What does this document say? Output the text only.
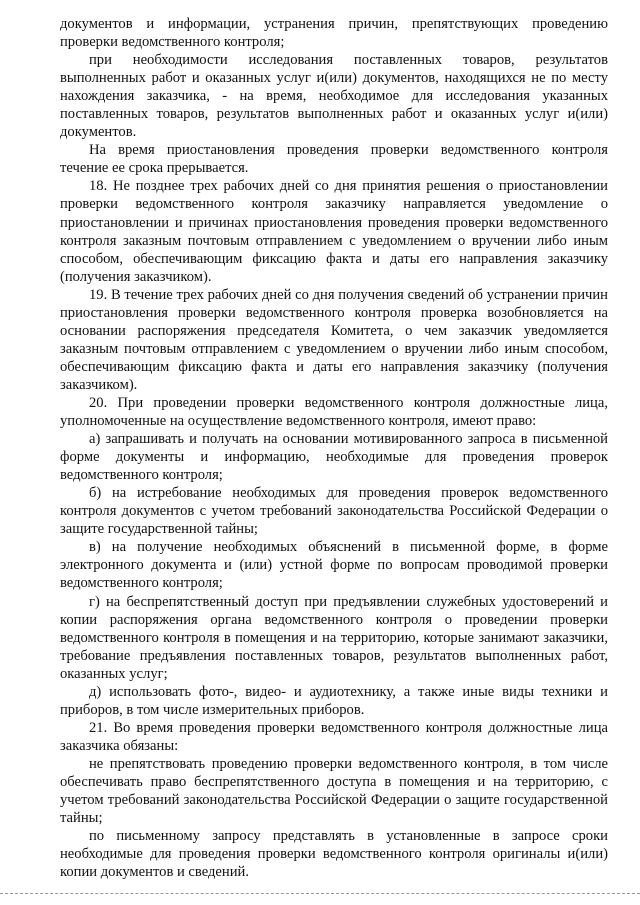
документов и информации, устранения причин, препятствующих проведению проверки ведомственного контроля;

при необходимости исследования поставленных товаров, результатов выполненных работ и оказанных услуг и(или) документов, находящихся не по месту нахождения заказчика, - на время, необходимое для исследования указанных поставленных товаров, результатов выполненных работ и оказанных услуг и(или) документов.

На время приостановления проведения проверки ведомственного контроля течение ее срока прерывается.

18. Не позднее трех рабочих дней со дня принятия решения о приостановлении проверки ведомственного контроля заказчику направляется уведомление о приостановлении и причинах приостановления проведения проверки ведомственного контроля заказным почтовым отправлением с уведомлением о вручении либо иным способом, обеспечивающим фиксацию факта и даты его направления заказчику (получения заказчиком).

19. В течение трех рабочих дней со дня получения сведений об устранении причин приостановления проверки ведомственного контроля проверка возобновляется на основании распоряжения председателя Комитета, о чем заказчик уведомляется заказным почтовым отправлением с уведомлением о вручении либо иным способом, обеспечивающим фиксацию факта и даты его направления заказчику (получения заказчиком).

20. При проведении проверки ведомственного контроля должностные лица, уполномоченные на осуществление ведомственного контроля, имеют право:

а) запрашивать и получать на основании мотивированного запроса в письменной форме документы и информацию, необходимые для проведения проверок ведомственного контроля;

б) на истребование необходимых для проведения проверок ведомственного контроля документов с учетом требований законодательства Российской Федерации о защите государственной тайны;

в) на получение необходимых объяснений в письменной форме, в форме электронного документа и (или) устной форме по вопросам проводимой проверки ведомственного контроля;

г) на беспрепятственный доступ при предъявлении служебных удостоверений и копии распоряжения органа ведомственного контроля о проведении проверки ведомственного контроля в помещения и на территорию, которые занимают заказчики, требование предъявления поставленных товаров, результатов выполненных работ, оказанных услуг;

д) использовать фото-, видео- и аудиотехнику, а также иные виды техники и приборов, в том числе измерительных приборов.

21. Во время проведения проверки ведомственного контроля должностные лица заказчика обязаны:

не препятствовать проведению проверки ведомственного контроля, в том числе обеспечивать право беспрепятственного доступа в помещения и на территорию, с учетом требований законодательства Российской Федерации о защите государственной тайны;

по письменному запросу представлять в установленные в запросе сроки необходимые для проведения проверки ведомственного контроля оригиналы и(или) копии документов и сведений.
